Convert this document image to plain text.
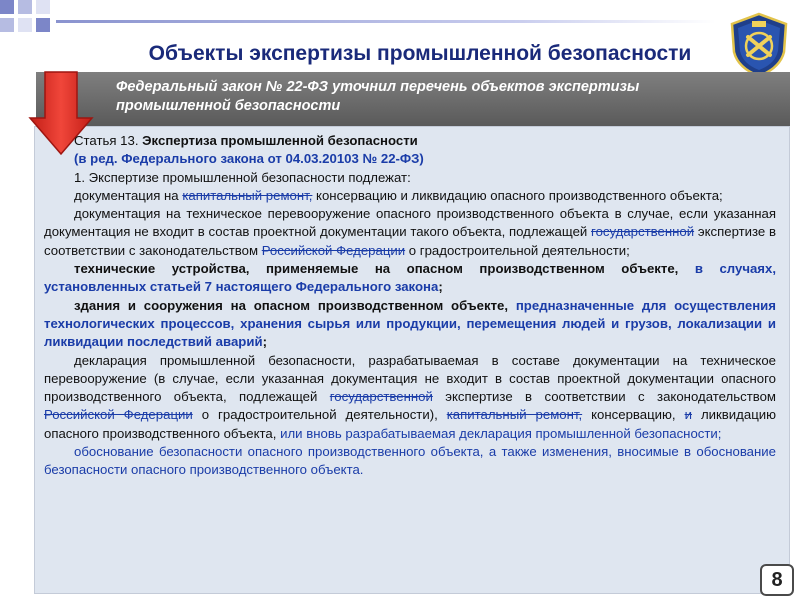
Объекты экспертизы промышленной безопасности
Федеральный закон № 22-ФЗ уточнил перечень объектов экспертизы
промышленной безопасности

Статья 13. Экспертиза промышленной безопасности

(в ред. Федерального закона от 04.03.20103 № 22-ФЗ)

1. Экспертизе промышленной безопасности подлежат:

документация на капитальный ремонт, консервацию и ликвидацию опасного производственного объекта;

документация на техническое перевооружение опасного производственного объекта в случае, если указанная документация не входит в состав проектной документации такого объекта, подлежащей государственной экспертизе в соответствии с законодательством Российской Федерации о градостроительной деятельности;

технические устройства, применяемые на опасном производственном объекте, в случаях, установленных статьей 7 настоящего Федерального закона;

здания и сооружения на опасном производственном объекте, предназначенные для осуществления технологических процессов, хранения сырья или продукции, перемещения людей и грузов, локализации и ликвидации последствий аварий;

декларация промышленной безопасности, разрабатываемая в составе документации на техническое перевооружение (в случае, если указанная документация не входит в состав проектной документации опасного производственного объекта, подлежащей государственной экспертизе в соответствии с законодательством Российской Федерации о градостроительной деятельности), капитальный ремонт, консервацию, и ликвидацию опасного производственного объекта, или вновь разрабатываемая декларация промышленной безопасности;

обоснование безопасности опасного производственного объекта, а также изменения, вносимые в обоснование безопасности опасного производственного объекта.

8
